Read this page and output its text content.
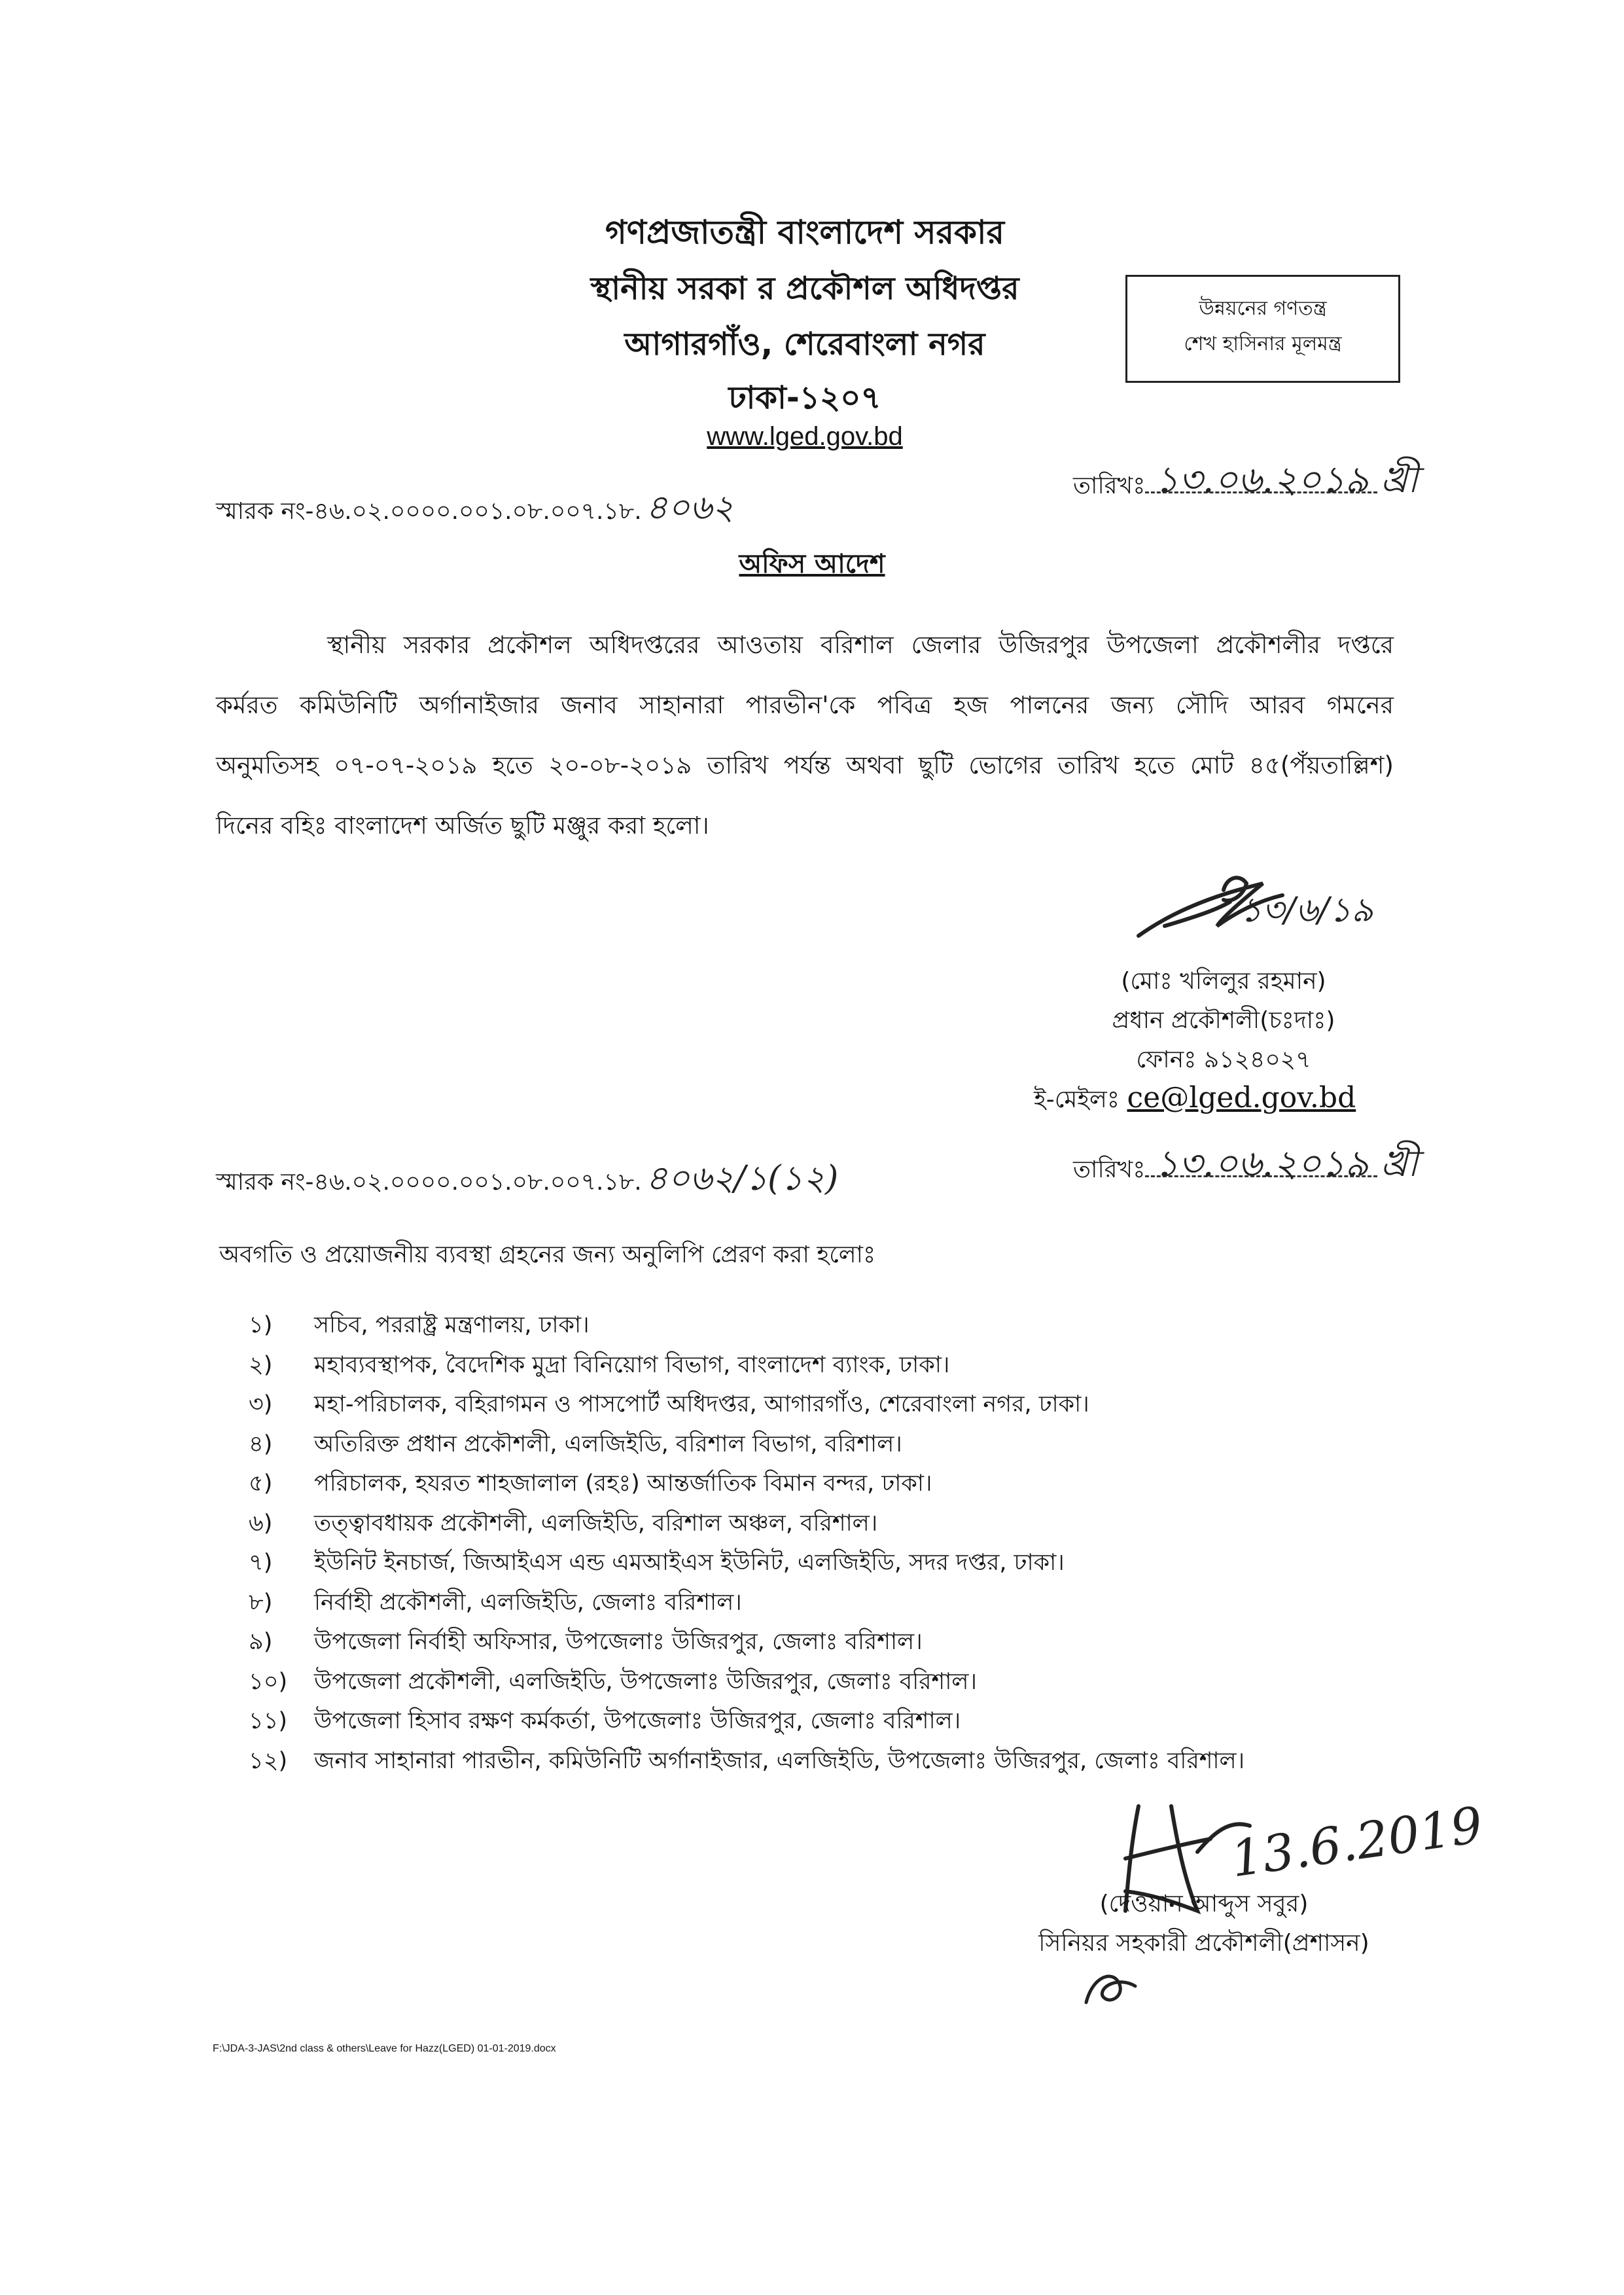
গণপ্রজাতন্ত্রী বাংলাদেশ সরকার
স্থানীয় সরকা র প্রকৌশল অধিদপ্তর
আগারগাঁও, শেরেবাংলা নগর
ঢাকা-১২০৭
www.lged.gov.bd
উন্নয়নের গণতন্ত্র
শেখ হাসিনার মূলমন্ত্র
স্মারক নং-৪৬.০২.০০০০.০০১.০৮.০০৭.১৮. ৪০৬২
তারিখঃ ১৩.০৬.২০১৯ খ্রী
অফিস আদেশ

স্থানীয় সরকার প্রকৌশল অধিদপ্তরের আওতায় বরিশাল জেলার উজিরপুর উপজেলা প্রকৌশলীর দপ্তরে

কর্মরত কমিউনিটি অর্গানাইজার জনাব সাহানারা পারভীন'কে পবিত্র হজ পালনের জন্য সৌদি আরব গমনের

অনুমতিসহ ০৭-০৭-২০১৯ হতে ২০-০৮-২০১৯ তারিখ পর্যন্ত অথবা ছুটি ভোগের তারিখ হতে মোট ৪৫(পঁয়তাল্লিশ)

দিনের বহিঃ বাংলাদেশ অর্জিত ছুটি মঞ্জুর করা হলো।

১৩/৬/১৯
(মোঃ খলিলুর রহমান)
প্রধান প্রকৌশলী(চঃদাঃ)
ফোনঃ ৯১২৪০২৭
ই-মেইলঃ ce@lged.gov.bd
স্মারক নং-৪৬.০২.০০০০.০০১.০৮.০০৭.১৮. ৪০৬২/১(১২)	তারিখঃ ১৩.০৬.২০১৯ খ্রী
অবগতি ও প্রয়োজনীয় ব্যবস্থা গ্রহনের জন্য অনুলিপি প্রেরণ করা হলোঃ
১) সচিব, পররাষ্ট্র মন্ত্রণালয়, ঢাকা।
২) মহাব্যবস্থাপক, বৈদেশিক মুদ্রা বিনিয়োগ বিভাগ, বাংলাদেশ ব্যাংক, ঢাকা।
৩) মহা-পরিচালক, বহিরাগমন ও পাসপোর্ট অধিদপ্তর, আগারগাঁও, শেরেবাংলা নগর, ঢাকা।
৪) অতিরিক্ত প্রধান প্রকৌশলী, এলজিইডি, বরিশাল বিভাগ, বরিশাল।
৫) পরিচালক, হযরত শাহজালাল (রহঃ) আন্তর্জাতিক বিমান বন্দর, ঢাকা।
৬) তত্ত্বাবধায়ক প্রকৌশলী, এলজিইডি, বরিশাল অঞ্চল, বরিশাল।
৭) ইউনিট ইনচার্জ, জিআইএস এন্ড এমআইএস ইউনিট, এলজিইডি, সদর দপ্তর, ঢাকা।
৮) নির্বাহী প্রকৌশলী, এলজিইডি, জেলাঃ বরিশাল।
৯) উপজেলা নির্বাহী অফিসার, উপজেলাঃ উজিরপুর, জেলাঃ বরিশাল।
১০) উপজেলা প্রকৌশলী, এলজিইডি, উপজেলাঃ উজিরপুর, জেলাঃ বরিশাল।
১১) উপজেলা হিসাব রক্ষণ কর্মকর্তা, উপজেলাঃ উজিরপুর, জেলাঃ বরিশাল।
১২) জনাব সাহানারা পারভীন, কমিউনিটি অর্গানাইজার, এলজিইডি, উপজেলাঃ উজিরপুর, জেলাঃ বরিশাল।
13.6.2019
(দেওয়ান আব্দুস সবুর)
সিনিয়র সহকারী প্রকৌশলী(প্রশাসন)
F:\JDA-3-JAS\2nd class & others\Leave for Hazz(LGED) 01-01-2019.docx
